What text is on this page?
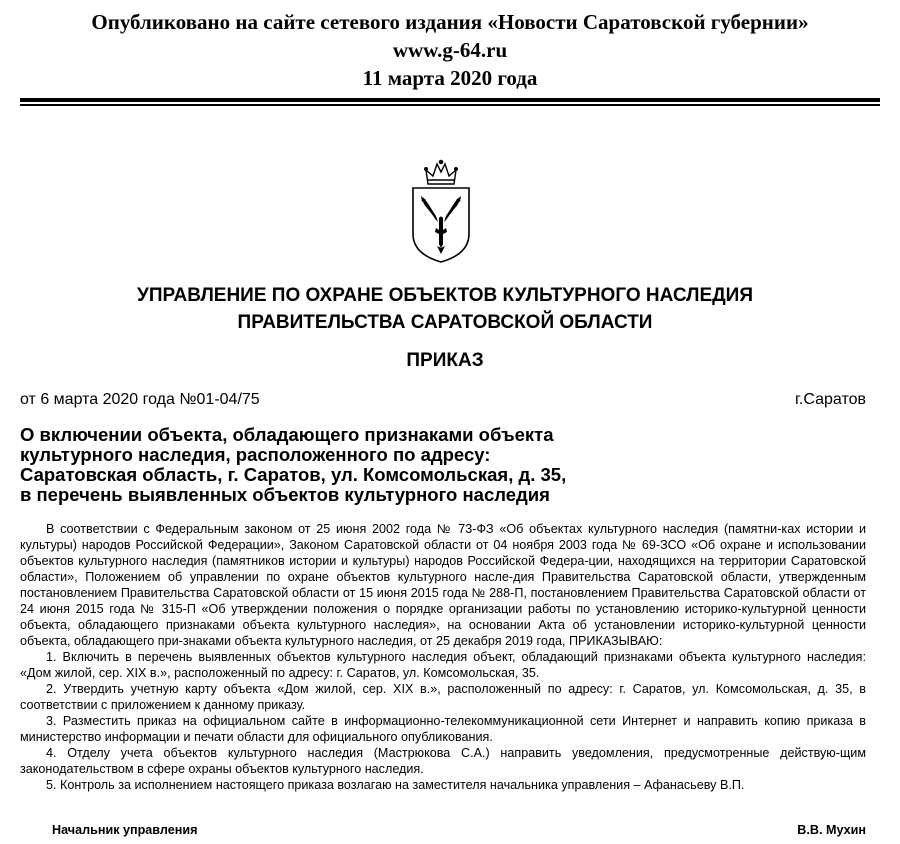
Опубликовано на сайте сетевого издания «Новости Саратовской губернии»
www.g-64.ru
11 марта 2020 года
УПРАВЛЕНИЕ ПО ОХРАНЕ ОБЪЕКТОВ КУЛЬТУРНОГО НАСЛЕДИЯ
ПРАВИТЕЛЬСТВА САРАТОВСКОЙ ОБЛАСТИ
ПРИКАЗ
от 6 марта 2020 года №01-04/75	г.Саратов
О включении объекта, обладающего признаками объекта
культурного наследия, расположенного по адресу:
Саратовская область, г. Саратов, ул. Комсомольская, д. 35,
в перечень выявленных объектов культурного наследия

В соответствии с Федеральным законом от 25 июня 2002 года № 73-ФЗ «Об объектах культурного наследия (памятни-ках истории и культуры) народов Российской Федерации», Законом Саратовской области от 04 ноября 2003 года № 69-ЗСО «Об охране и использовании объектов культурного наследия (памятников истории и культуры) народов Российской Федера-ции, находящихся на территории Саратовской области», Положением об управлении по охране объектов культурного насле-дия Правительства Саратовской области, утвержденным постановлением Правительства Саратовской области от 15 июня 2015 года № 288-П, постановлением Правительства Саратовской области от 24 июня 2015 года № 315-П «Об утверждении положения о порядке организации работы по установлению историко-культурной ценности объекта, обладающего признаками объекта культурного наследия», на основании Акта об установлении историко-культурной ценности объекта, обладающего при-знаками объекта культурного наследия, от 25 декабря 2019 года, ПРИКАЗЫВАЮ:

1. Включить в перечень выявленных объектов культурного наследия объект, обладающий признаками объекта культурного наследия: «Дом жилой, сер. XIX в.», расположенный по адресу: г. Саратов, ул. Комсомольская, 35.

2. Утвердить учетную карту объекта «Дом жилой, сер. XIX в.», расположенный по адресу: г. Саратов, ул. Комсомольская, д. 35, в соответствии с приложением к данному приказу.

3. Разместить приказ на официальном сайте в информационно-телекоммуникационной сети Интернет и направить копию приказа в министерство информации и печати области для официального опубликования.

4. Отделу учета объектов культурного наследия (Мастрюкова С.А.) направить уведомления, предусмотренные действую-щим законодательством в сфере охраны объектов культурного наследия.

5. Контроль за исполнением настоящего приказа возлагаю на заместителя начальника управления – Афанасьеву В.П.

Начальник управления	В.В. Мухин
